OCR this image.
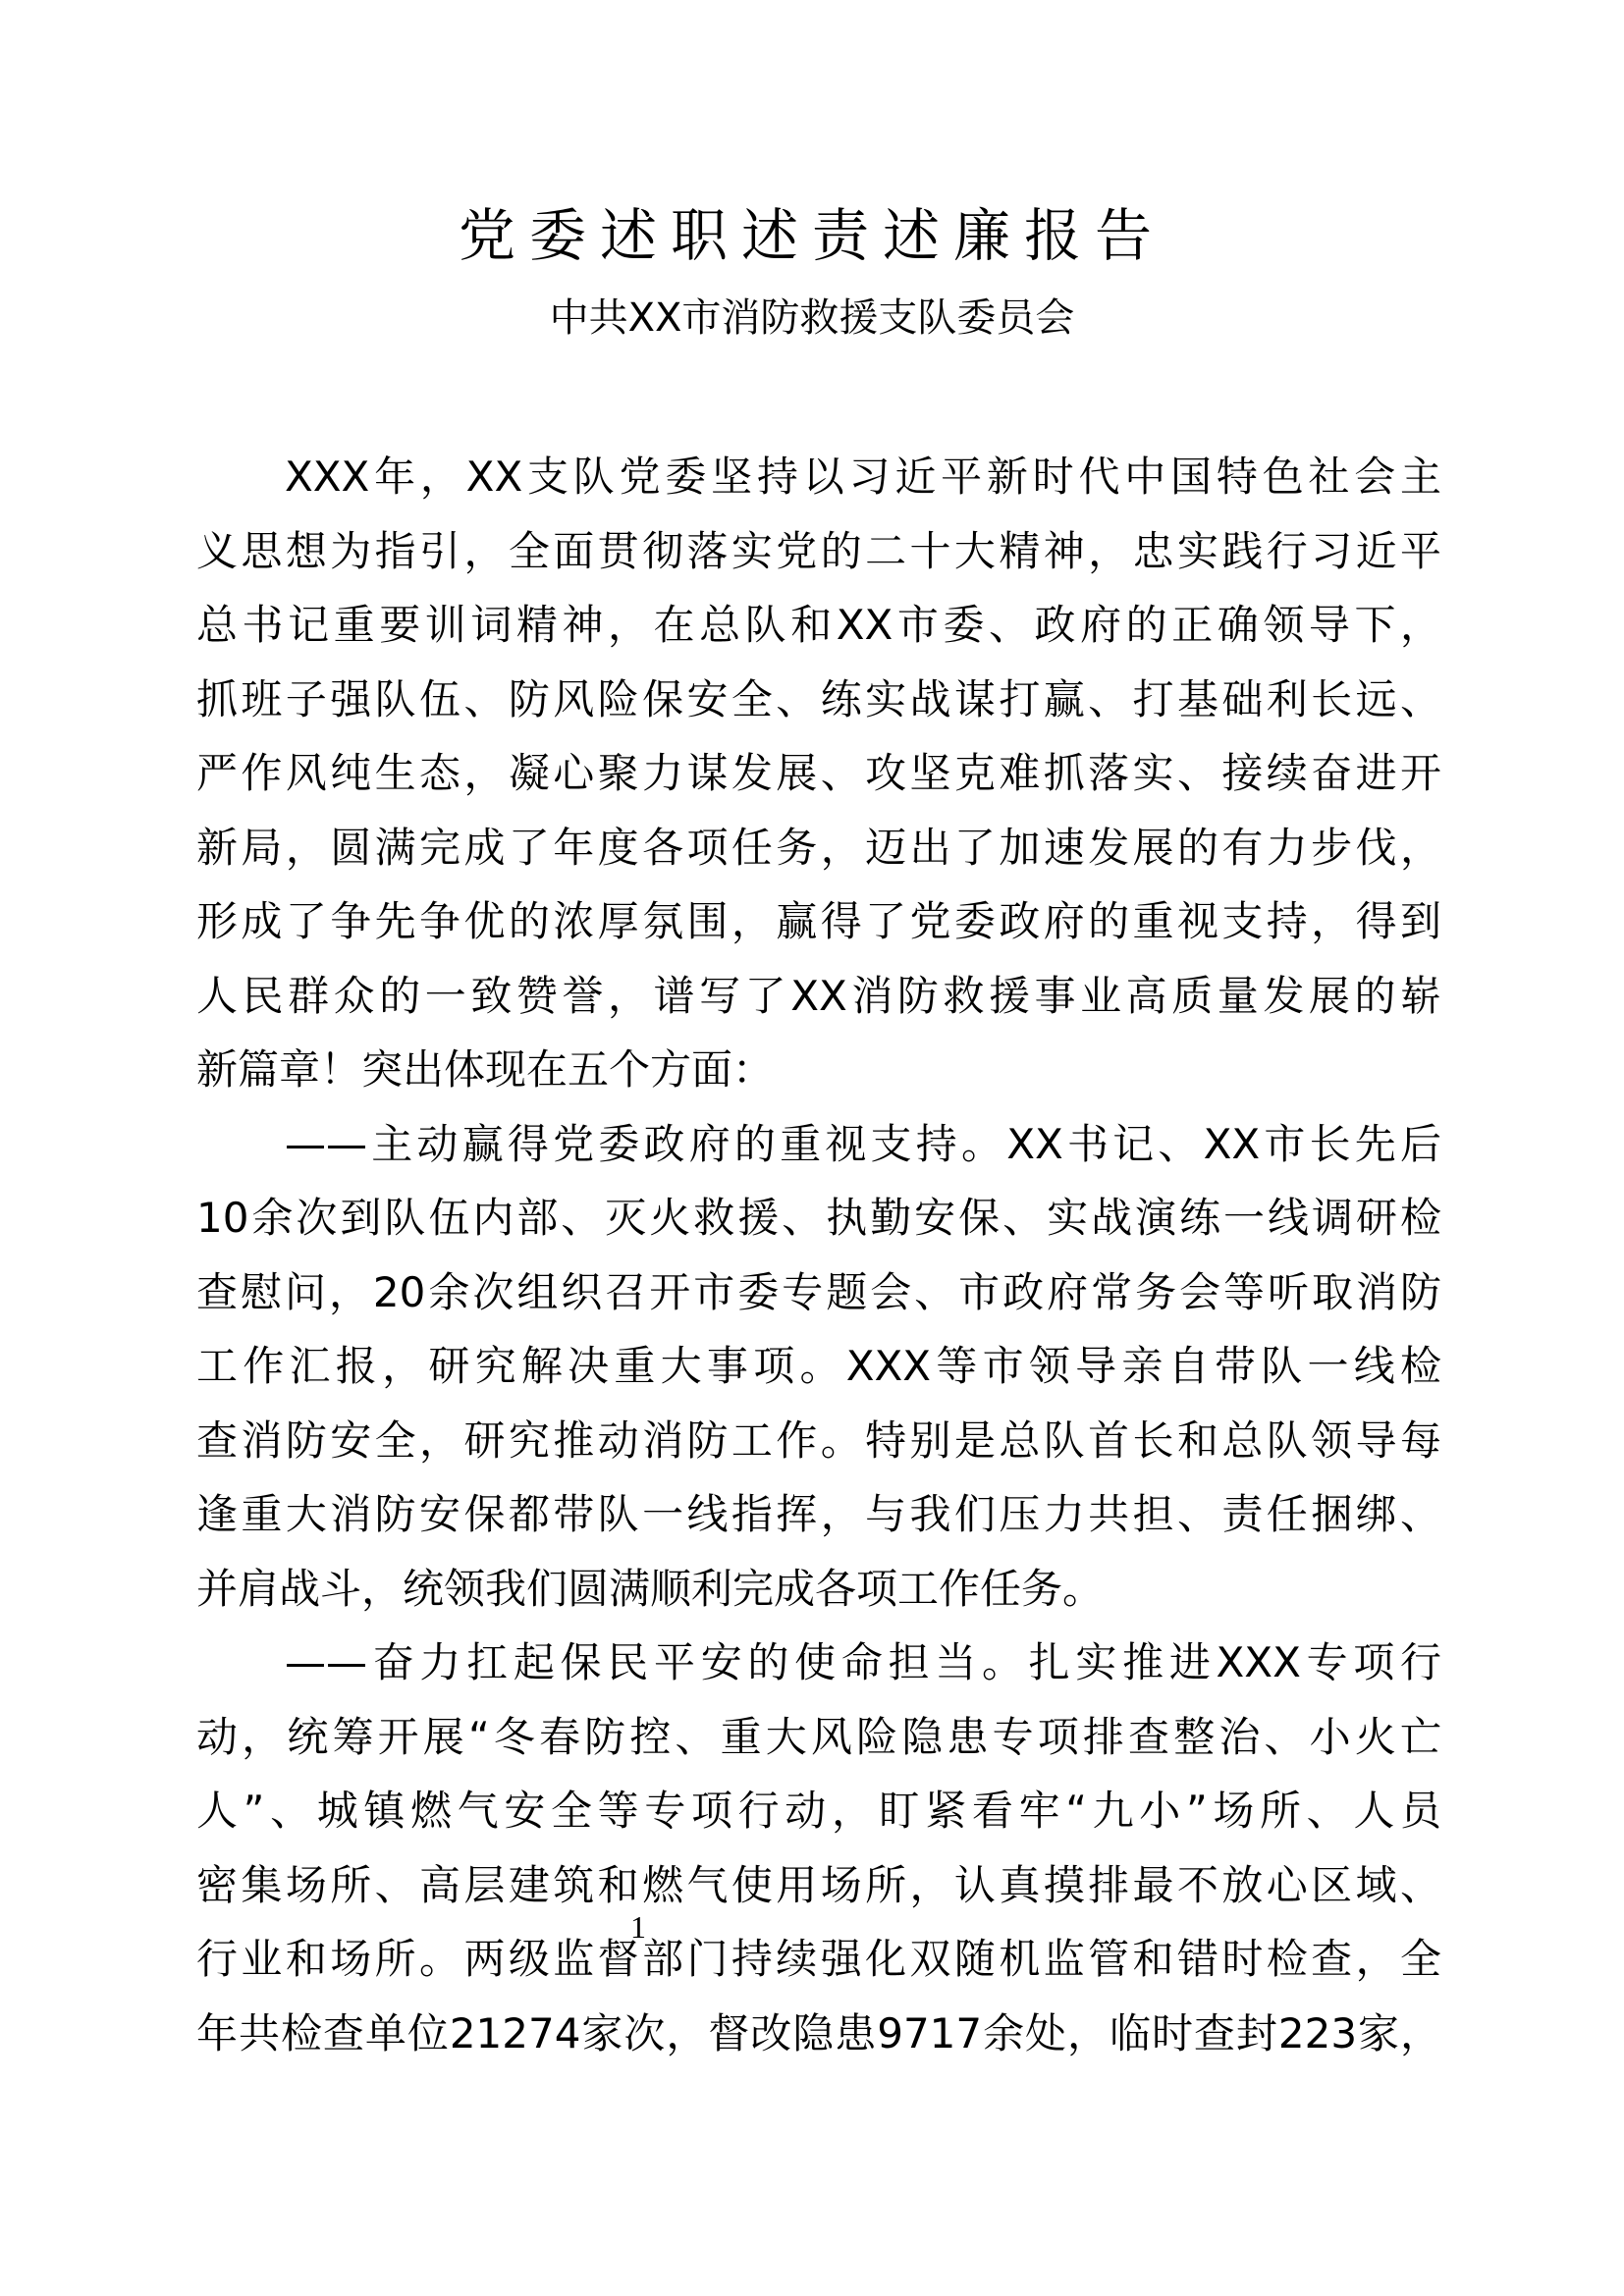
党委述职述责述廉报告
中共XX市消防救援支队委员会
XXX年，XX支队党委坚持以习近平新时代中国特色社会主
义思想为指引，全面贯彻落实党的二十大精神，忠实践行习近平
总书记重要训词精神，在总队和XX市委、政府的正确领导下，
抓班子强队伍、防风险保安全、练实战谋打赢、打基础利长远、
严作风纯生态，凝心聚力谋发展、攻坚克难抓落实、接续奋进开
新局，圆满完成了年度各项任务，迈出了加速发展的有力步伐，
形成了争先争优的浓厚氛围，赢得了党委政府的重视支持，得到
人民群众的一致赞誉，谱写了XX消防救援事业高质量发展的崭
新篇章！突出体现在五个方面：
——主动赢得党委政府的重视支持。XX书记、XX市长先后
10余次到队伍内部、灭火救援、执勤安保、实战演练一线调研检
查慰问，20余次组织召开市委专题会、市政府常务会等听取消防
工作汇报，研究解决重大事项。XXX等市领导亲自带队一线检
查消防安全，研究推动消防工作。特别是总队首长和总队领导每
逢重大消防安保都带队一线指挥，与我们压力共担、责任捆绑、
并肩战斗，统领我们圆满顺利完成各项工作任务。
——奋力扛起保民平安的使命担当。扎实推进XXX专项行
动，统筹开展“冬春防控、重大风险隐患专项排查整治、小火亡
人”、城镇燃气安全等专项行动，盯紧看牢“九小”场所、人员
密集场所、高层建筑和燃气使用场所，认真摸排最不放心区域、
行业和场所。两级监督部门持续强化双随机监管和错时检查，全
年共检查单位21274家次，督改隐患9717余处，临时查封223家，
1
